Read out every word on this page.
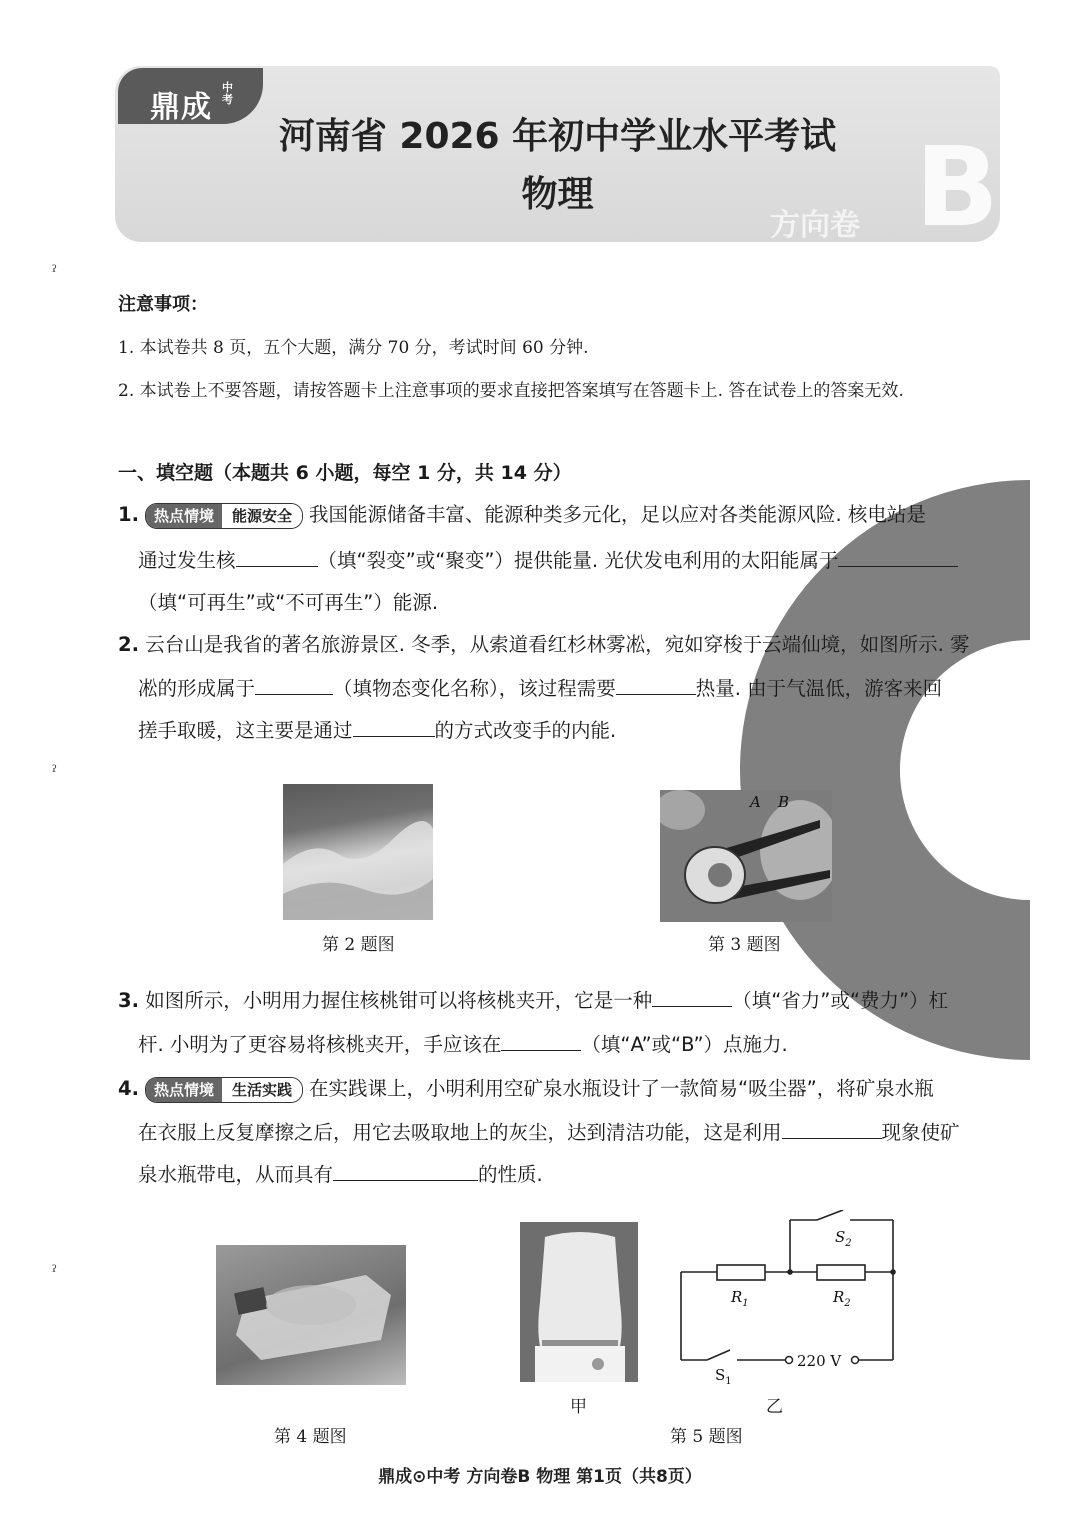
鼎成
中考
河南省 2026 年初中学业水平考试
物理
方向卷 B
ˀ
ˀ
ˀ
注意事项：
1. 本试卷共 8 页，五个大题，满分 70 分，考试时间 60 分钟.
2. 本试卷上不要答题，请按答题卡上注意事项的要求直接把答案填写在答题卡上. 答在试卷上的答案无效.
一、填空题（本题共 6 小题，每空 1 分，共 14 分）
1.	热点情境	能源安全 我国能源储备丰富、能源种类多元化，足以应对各类能源风险. 核电站是
通过发生核	（填“裂变”或“聚变”）提供能量. 光伏发电利用的太阳能属于
（填“可再生”或“不可再生”）能源.
2. 云台山是我省的著名旅游景区. 冬季，从索道看红杉林雾凇，宛如穿梭于云端仙境，如图所示. 雾
凇的形成属于	（填物态变化名称），该过程需要	热量. 由于气温低，游客来回
搓手取暖，这主要是通过	的方式改变手的内能.
第 2 题图
A B
第 3 题图
3. 如图所示，小明用力握住核桃钳可以将核桃夹开，它是一种	（填“省力”或“费力”）杠
杆. 小明为了更容易将核桃夹开，手应该在	（填“A”或“B”）点施力.
4.	热点情境	生活实践 在实践课上，小明利用空矿泉水瓶设计了一款简易“吸尘器”，将矿泉水瓶
在衣服上反复摩擦之后，用它去吸取地上的灰尘，达到清洁功能，这是利用	现象使矿
泉水瓶带电，从而具有	的性质.
第 4 题图
甲
$S_2$
$R_1$	$R_2$
$S_1$
220 V
乙
第 5 题图
鼎成⊙中考 方向卷B 物理 第1页（共8页）
